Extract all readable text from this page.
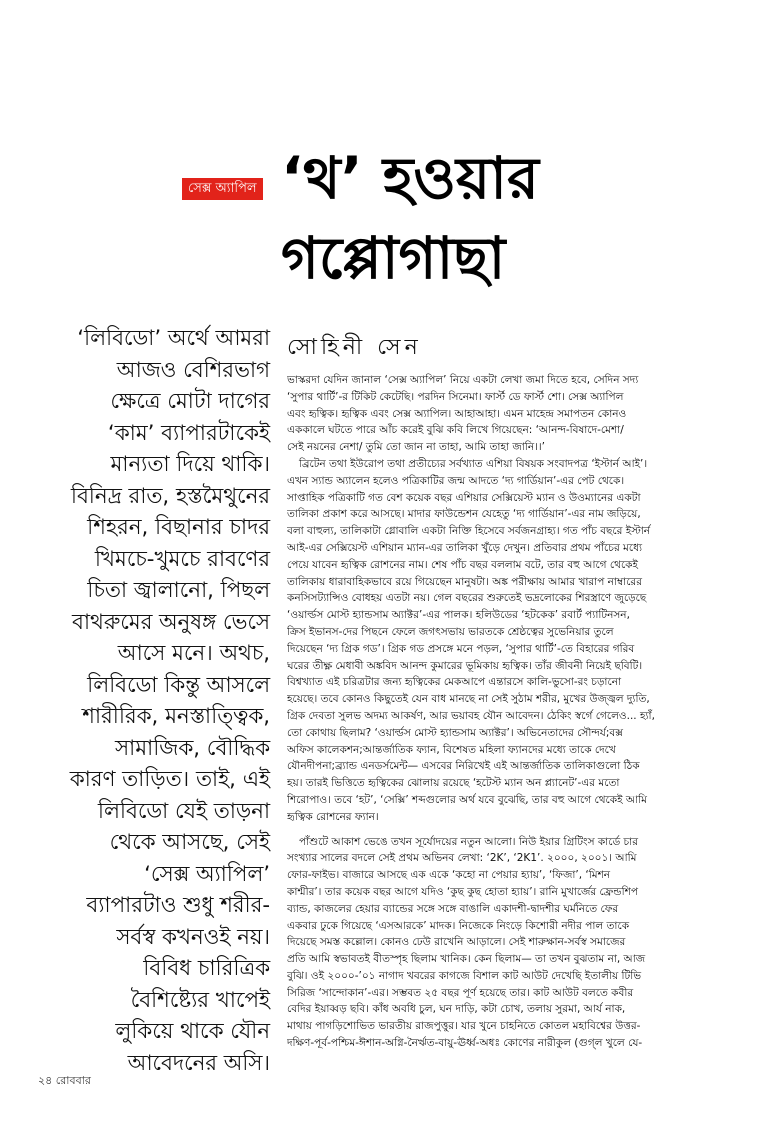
সেক্স অ্যাপিল ‘থ’ হওয়ার
গপ্পোগাছা
‘লিবিডো’ অর্থে আমরা
আজও বেশিরভাগ
ক্ষেত্রে মোটা দাগের
‘কাম’ ব্যাপারটাকেই
মান্যতা দিয়ে থাকি।
বিনিদ্র রাত, হস্তমৈথুনের
শিহরন, বিছানার চাদর
খিমচে-খুমচে রাবণের
চিতা জ্বালানো, পিছল
বাথরুমের অনুষঙ্গ ভেসে
আসে মনে। অথচ,
লিবিডো কিন্তু আসলে
শারীরিক, মনস্তাত্ত্বিক,
সামাজিক, বৌদ্ধিক
কারণ তাড়িত। তাই, এই
লিবিডো যেই তাড়না
থেকে আসছে, সেই
‘সেক্স অ্যাপিল’
ব্যাপারটাও শুধু শরীর-
সর্বস্ব কখনওই নয়।
বিবিধ চারিত্রিক
বৈশিষ্ট্যের খাপেই
লুকিয়ে থাকে যৌন
আবেদনের অসি।
সোহিনী সেন

ভাস্করদা যেদিন জানাল ‘সেক্স অ্যাপিল’ নিয়ে একটা লেখা জমা দিতে হবে, সেদিন সদ্য
‘সুপার থার্টি’-র টিকিট কেটেছি। পরদিন সিনেমা। ফার্স্ট ডে ফার্স্ট শো। সেক্স অ্যাপিল
এবং হৃত্বিক। হৃত্বিক এবং সেক্স অ্যাপিল। আহাআহা। এমন মাহেন্দ্র সমাপতন কোনও
এককালে ঘটতে পারে আঁচ করেই বুঝি কবি লিখে গিয়েছেন: ‘আনন্দ-বিষাদে-মেশা/
সেই নয়নের নেশা/ তুমি তো জান না তাহা, আমি তাহা জানি।।’

ব্রিটেন তথা ইউরোপ তথা প্রতীচ্যের সর্বখ্যাত এশিয়া বিষয়ক সংবাদপত্র ‘ইস্টার্ন আই’।
এখন স্যান্ড অ্যালেন হলেও পত্রিকাটির জন্ম আদতে ‘দ্য গার্ডিয়ান’-এর পেট থেকে।
সাপ্তাহিক পত্রিকাটি গত বেশ কয়েক বছর এশিয়ার সেক্সিয়েস্ট ম্যান ও উওম্যানের একটা
তালিকা প্রকাশ করে আসছে। মাদার ফাউন্ডেশন যেহেতু ‘দ্য গার্ডিয়ান’-এর নাম জড়িয়ে,
বলা বাহুল্য, তালিকাটা গ্লোবালি একটা নিক্তি হিসেবে সর্বজনগ্রাহ্য। গত পাঁচ বছরে ইস্টার্ন
আই-এর সেক্সিয়েস্ট এশিয়ান ম্যান-এর তালিকা খুঁড়ে দেখুন। প্রতিবার প্রথম পাঁচের মধ্যে
পেয়ে যাবেন হৃত্বিক রোশনের নাম। শেষ পাঁচ বছর বললাম বটে, তার বহু আগে থেকেই
তালিকায় ধারাবাহিকভাবে রয়ে গিয়েছেন মানুষটা। অঙ্ক পরীক্ষায় আমার খারাপ নাম্বারের
কনসিসট্যান্সিও বোধহয় এতটা নয়। গেল বছরের শুরুতেই ভদ্রলোকের শিরস্ত্রাণে জুড়েছে
‘ওয়ার্ল্ডস মোস্ট হ্যান্ডসাম অ্যাক্টর’-এর পালক। হলিউডের ‘হটকেক’ রবার্ট প্যাটিনসন,
ক্রিস ইভানস-দের পিছনে ফেলে জগৎসভায় ভারতকে শ্রেষ্ঠত্বের সুভেনিয়ার তুলে
দিয়েছেন ‘দ্য গ্রিক গড’। গ্রিক গড প্রসঙ্গে মনে পড়ল, ‘সুপার থার্টি’-তে বিহারের গরিব
ঘরের তীক্ষ্ণ মেধাবী অঙ্কবিদ আনন্দ কুমারের ভূমিকায় হৃত্বিক। তাঁর জীবনী নিয়েই ছবিটি।
বিশ্বখ্যাত এই চরিত্রটার জন্য হৃত্বিকের মেকআপে এন্তারসে কালি-ভুসো-রং চড়ানো
হয়েছে। তবে কোনও কিছুতেই যেন বাধ মানছে না সেই সুঠাম শরীর, মুখের উজ্জ্বল দ্যুতি,
গ্রিক দেবতা সুলভ অদম্য আকর্ষণ, আর ভয়াবহ যৌন আবেদন। ঠেকিং স্বর্গে গেলেও... হ্যাঁ,
তো কোথায় ছিলাম? ‘ওয়ার্ল্ডস মোস্ট হ্যান্ডসাম অ্যাক্টর’। অভিনেতাদের সৌন্দর্য;বক্স
অফিস কালেকশন;আন্তর্জাতিক ফ্যান, বিশেষত মহিলা ফ্যানদের মধ্যে তাকে দেখে
যৌনদীপনা;ব্র্যান্ড এনডর্সমেন্ট— এসবের নিরিখেই এই আন্তর্জাতিক তালিকাগুলো ঠিক
হয়। তারই ভিত্তিতে হৃত্বিকের ঝোলায় রয়েছে ‘হটেস্ট ম্যান অন প্ল্যানেট’-এর মতো
শিরোপাও। তবে ‘হট’, ‘সেক্সি’ শব্দগুলোর অর্থ যবে বুঝেছি, তার বহু আগে থেকেই আমি
হৃত্বিক রোশনের ফ্যান।

পাঁশুটে আকাশ ভেঙে তখন সূর্যোদয়ের নতুন আলো। নিউ ইয়ার গ্রিটিংস কার্ডে চার
সংখ্যার সালের বদলে সেই প্রথম অভিনব লেখা: ‘2K’, ‘2K1’. ২০০০, ২০০১। আমি
ফোর-ফাইভ। বাজারে আসছে এক একে ‘কহো না পেয়ার হ্যায়’, ‘ফিজা’, ‘মিশন
কাশ্মীর’। তার কয়েক বছর আগে যদিও ‘কুছ কুছ হোতা হ্যায়’। রানি মুখার্জের ফ্রেন্ডশিপ
ব্যান্ড, কাজলের হেয়ার ব্যান্ডের সঙ্গে সঙ্গে বাঙালি একাদশী-দ্বাদশীর ঘর্মনিতে ফের
একবার ঢুকে গিয়েছে ‘এসআরকে’ মাদক। নিজেকে নিংড়ে কিশোরী নদীর পাল তাকে
দিয়েছে সমস্ত কল্লোল। কোনও ঢেউ রাখেনি আড়ালে। সেই শারুক্ষান-সর্বস্ব সমাজের
প্রতি আমি স্বভাবতই বীতস্পৃহ ছিলাম খানিক। কেন ছিলাম— তা তখন বুঝতাম না, আজ
বুঝি। ওই ২০০০-’০১ নাগাদ খবরের কাগজে বিশাল কাট আউট দেখেছি ইতালীয় টিভি
সিরিজ ‘সান্দোকান’-এর। সম্ভবত ২৫ বছর পূর্ণ হয়েছে তার। কাট আউট বলতে কবীর
বেদির ইয়াব্বড় ছবি। কাঁধ অবধি চুল, ঘন দাড়ি, কটা চোখ, তলায় সুরমা, আর্য নাক,
মাথায় পাগড়িশোভিত ভারতীয় রাজপুত্তুর। যার খুনে চাহনিতে কোতল মহাবিশ্বের উত্তর-
দক্ষিণ-পূর্ব-পশ্চিম-ঈশান-অগ্নি-নৈর্ঋত-বায়ু-ঊর্ধ্ব-অধঃ কোণের নারীকুল (গুগ্‌ল খুলে যে-

২৪ রোববার
